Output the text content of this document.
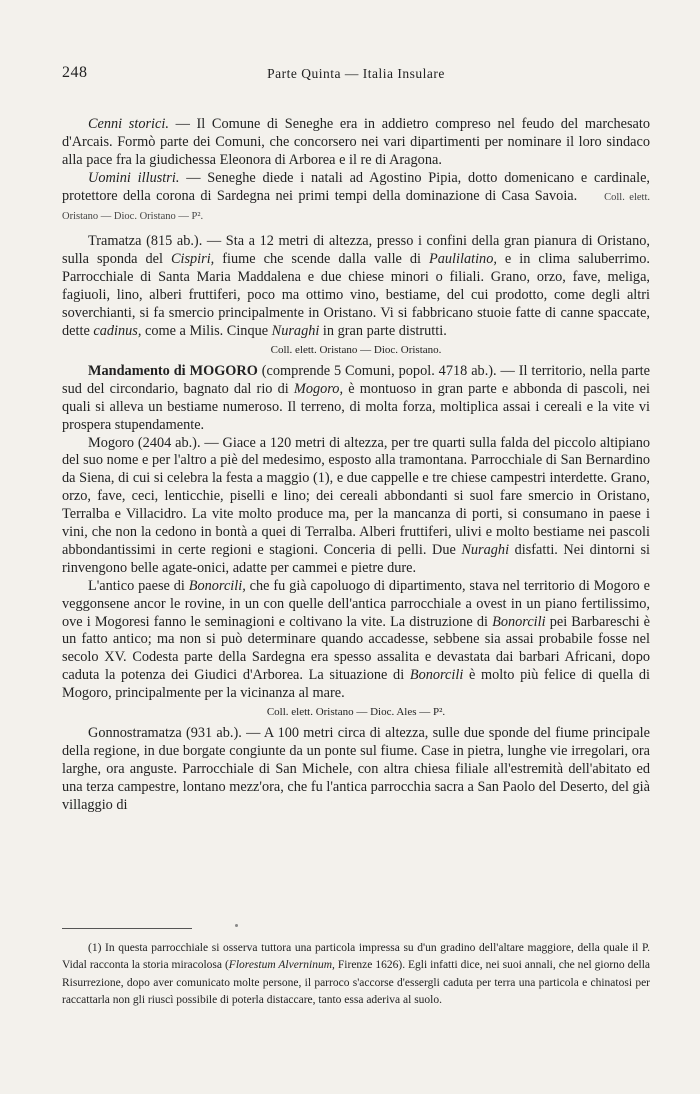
248	Parte Quinta — Italia Insulare

Cenni storici. — Il Comune di Seneghe era in addietro compreso nel feudo del marchesato d'Arcais. Formò parte dei Comuni, che concorsero nei vari dipartimenti per nominare il loro sindaco alla pace fra la giudichessa Eleonora di Arborea e il re di Aragona.

Uomini illustri. — Seneghe diede i natali ad Agostino Pipia, dotto domenicano e cardinale, protettore della corona di Sardegna nei primi tempi della dominazione di Casa Savoia.	Coll. elett. Oristano — Dioc. Oristano — P².

Tramatza (815 ab.). — Sta a 12 metri di altezza, presso i confini della gran pianura di Oristano, sulla sponda del Cispiri, fiume che scende dalla valle di Paulilatino, e in clima saluberrimo. Parrocchiale di Santa Maria Maddalena e due chiese minori o filiali. Grano, orzo, fave, meliga, fagiuoli, lino, alberi fruttiferi, poco ma ottimo vino, bestiame, del cui prodotto, come degli altri soverchianti, si fa smercio principalmente in Oristano. Vi si fabbricano stuoie fatte di canne spaccate, dette cadinus, come a Milis. Cinque Nuraghi in gran parte distrutti.

Coll. elett. Oristano — Dioc. Oristano.

Mandamento di MOGORO (comprende 5 Comuni, popol. 4718 ab.). — Il territorio, nella parte sud del circondario, bagnato dal rio di Mogoro, è montuoso in gran parte e abbonda di pascoli, nei quali si alleva un bestiame numeroso. Il terreno, di molta forza, moltiplica assai i cereali e la vite vi prospera stupendamente.

Mogoro (2404 ab.). — Giace a 120 metri di altezza, per tre quarti sulla falda del piccolo altipiano del suo nome e per l'altro a piè del medesimo, esposto alla tramontana. Parrocchiale di San Bernardino da Siena, di cui si celebra la festa a maggio (1), e due cappelle e tre chiese campestri interdette. Grano, orzo, fave, ceci, lenticchie, piselli e lino; dei cereali abbondanti si suol fare smercio in Oristano, Terralba e Villacidro. La vite molto produce ma, per la mancanza di porti, si consumano in paese i vini, che non la cedono in bontà a quei di Terralba. Alberi fruttiferi, ulivi e molto bestiame nei pascoli abbondantissimi in certe regioni e stagioni. Conceria di pelli. Due Nuraghi disfatti. Nei dintorni si rinvengono belle agate-onici, adatte per cammei e pietre dure.

L'antico paese di Bonorcili, che fu già capoluogo di dipartimento, stava nel territorio di Mogoro e veggonsene ancor le rovine, in un con quelle dell'antica parrocchiale a ovest in un piano fertilissimo, ove i Mogoresi fanno le seminagioni e coltivano la vite. La distruzione di Bonorcili pei Barbareschi è un fatto antico; ma non si può determinare quando accadesse, sebbene sia assai probabile fosse nel secolo XV. Codesta parte della Sardegna era spesso assalita e devastata dai barbari Africani, dopo caduta la potenza dei Giudici d'Arborea. La situazione di Bonorcili è molto più felice di quella di Mogoro, principalmente per la vicinanza al mare.

Coll. elett. Oristano — Dioc. Ales — P².

Gonnostramatza (931 ab.). — A 100 metri circa di altezza, sulle due sponde del fiume principale della regione, in due borgate congiunte da un ponte sul fiume. Case in pietra, lunghe vie irregolari, ora larghe, ora anguste. Parrocchiale di San Michele, con altra chiesa filiale all'estremità dell'abitato ed una terza campestre, lontano mezz'ora, che fu l'antica parrocchia sacra a San Paolo del Deserto, del già villaggio di

(1) In questa parrocchiale si osserva tuttora una particola impressa su d'un gradino dell'altare maggiore, della quale il P. Vidal racconta la storia miracolosa (Florestum Alverninum, Firenze 1626). Egli infatti dice, nei suoi annali, che nel giorno della Risurrezione, dopo aver comunicato molte persone, il parroco s'accorse d'essergli caduta per terra una particola e chinatosi per raccattarla non gli riuscì possibile di poterla distaccare, tanto essa aderiva al suolo.
